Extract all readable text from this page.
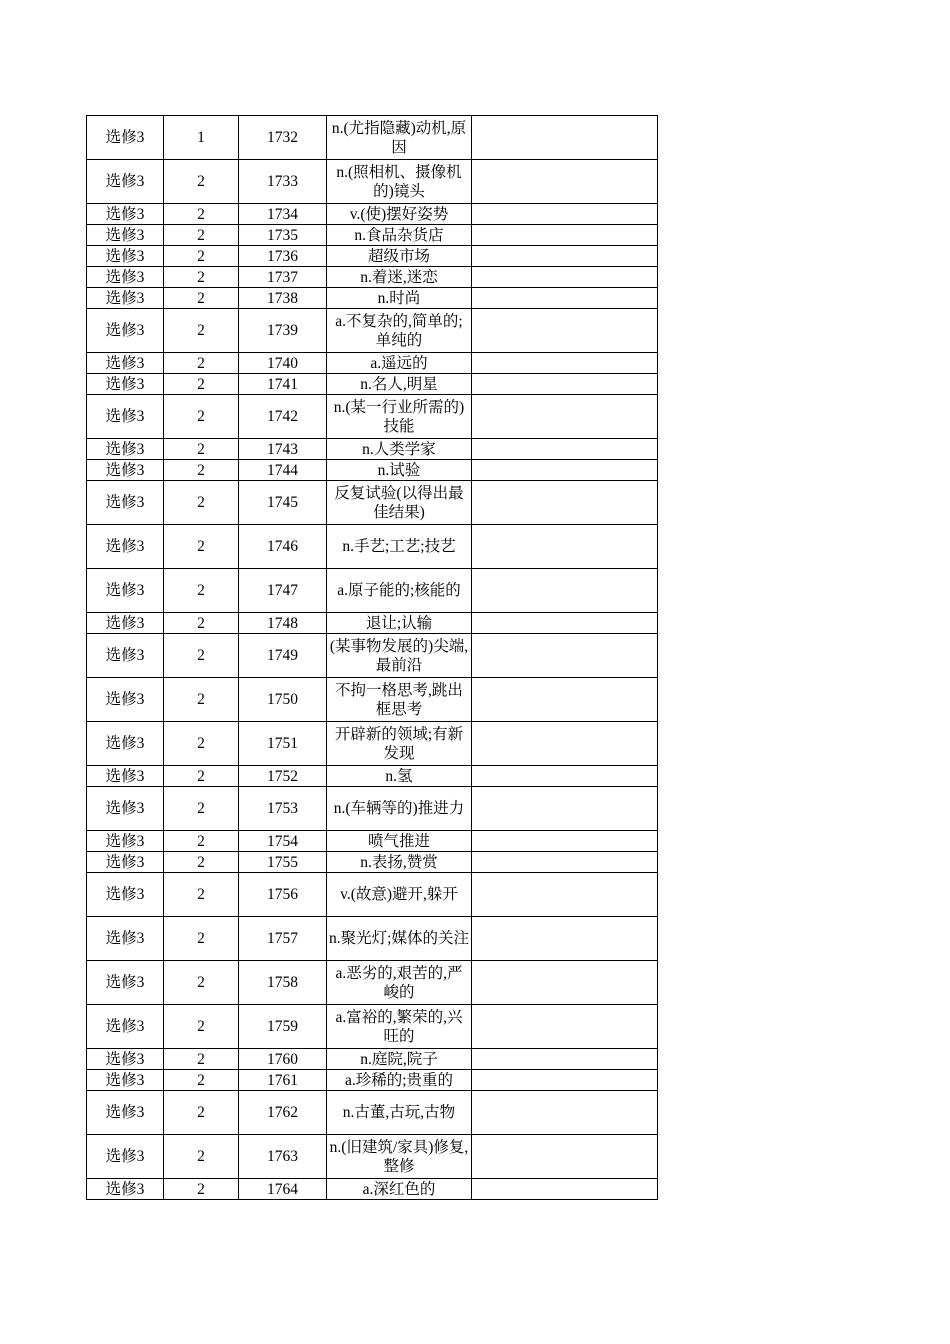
选修3	1	1732	n.(尤指隐藏)动机,原因	
选修3	2	1733	n.(照相机、摄像机的)镜头	
选修3	2	1734	v.(使)摆好姿势	
选修3	2	1735	n.食品杂货店	
选修3	2	1736	超级市场	
选修3	2	1737	n.着迷,迷恋	
选修3	2	1738	n.时尚	
选修3	2	1739	a.不复杂的,简单的;单纯的	
选修3	2	1740	a.遥远的	
选修3	2	1741	n.名人,明星	
选修3	2	1742	n.(某一行业所需的)技能	
选修3	2	1743	n.人类学家	
选修3	2	1744	n.试验	
选修3	2	1745	反复试验(以得出最佳结果)	
选修3	2	1746	n.手艺;工艺;技艺	
选修3	2	1747	a.原子能的;核能的	
选修3	2	1748	退让;认输	
选修3	2	1749	(某事物发展的)尖端,最前沿	
选修3	2	1750	不拘一格思考,跳出框思考	
选修3	2	1751	开辟新的领域;有新发现	
选修3	2	1752	n.氢	
选修3	2	1753	n.(车辆等的)推进力	
选修3	2	1754	喷气推进	
选修3	2	1755	n.表扬,赞赏	
选修3	2	1756	v.(故意)避开,躲开	
选修3	2	1757	n.聚光灯;媒体的关注	
选修3	2	1758	a.恶劣的,艰苦的,严峻的	
选修3	2	1759	a.富裕的,繁荣的,兴旺的	
选修3	2	1760	n.庭院,院子	
选修3	2	1761	a.珍稀的;贵重的	
选修3	2	1762	n.古董,古玩,古物	
选修3	2	1763	n.(旧建筑/家具)修复,整修	
选修3	2	1764	a.深红色的	
